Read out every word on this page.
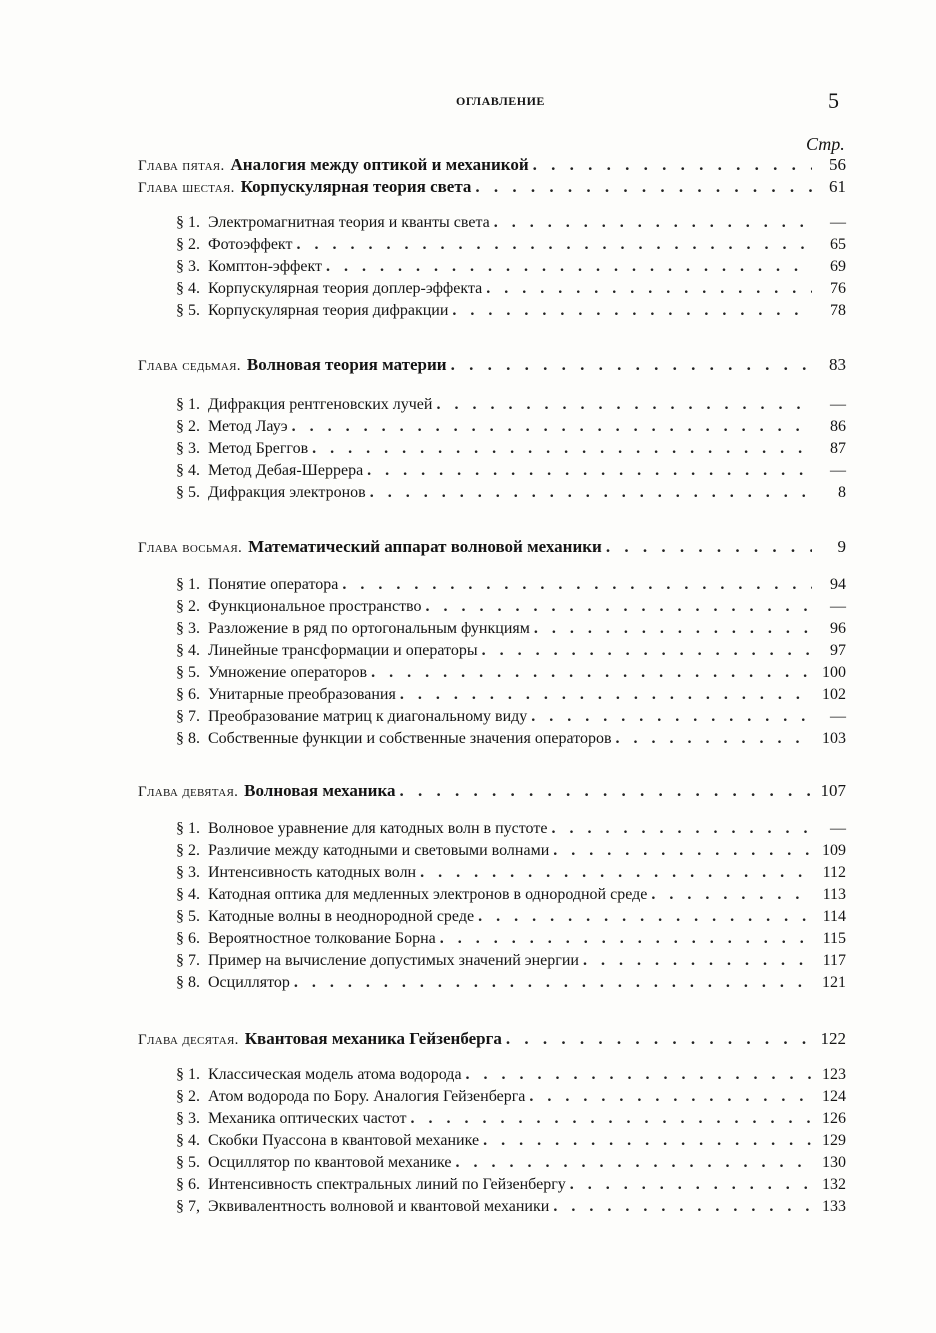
ОГЛАВЛЕНИЕ	5
Стр.
Глава пятая. Аналогия между оптикой и механикой . . .	56
Глава шестая. Корпускулярная теория света . . .	61
§ 1. Электромагнитная теория и кванты света . . .	—
§ 2. Фотоэффект . . .	65
§ 3. Комптон-эффект . . .	69
§ 4. Корпускулярная теория доплер-эффекта . . .	76
§ 5. Корпускулярная теория дифракции . . .	78
Глава седьмая. Волновая теория материи . . .	83
§ 1. Дифракция рентгеновских лучей . . .	—
§ 2. Метод Лауэ . . .	86
§ 3. Метод Бреггов . . .	87
§ 4. Метод Дебая-Шеррера . . .	—
§ 5. Дифракция электронов . . .	8
Глава восьмая. Математический аппарат волновой механики . . .	9
§ 1. Понятие оператора . . .	94
§ 2. Функциональное пространство . . .	—
§ 3. Разложение в ряд по ортогональным функциям . . .	96
§ 4. Линейные трансформации и операторы . . .	97
§ 5. Умножение операторов . . .	100
§ 6. Унитарные преобразования . . .	102
§ 7. Преобразование матриц к диагональному виду . . .	—
§ 8. Собственные функции и собственные значения операторов . . .	103
Глава девятая. Волновая механика . . .	107
§ 1. Волновое уравнение для катодных волн в пустоте . . .	—
§ 2. Различие между катодными и световыми волнами . . .	109
§ 3. Интенсивность катодных волн . . .	112
§ 4. Катодная оптика для медленных электронов в однородной среде . . .	113
§ 5. Катодные волны в неоднородной среде . . .	114
§ 6. Вероятностное толкование Борна . . .	115
§ 7. Пример на вычисление допустимых значений энергии . . .	117
§ 8. Осциллятор . . .	121
Глава десятая. Квантовая механика Гейзенберга . . .	122
§ 1. Классическая модель атома водорода . . .	123
§ 2. Атом водорода по Бору. Аналогия Гейзенберга . . .	124
§ 3. Механика оптических частот . . .	126
§ 4. Скобки Пуассона в квантовой механике . . .	129
§ 5. Осциллятор по квантовой механике . . .	130
§ 6. Интенсивность спектральных линий по Гейзенбергу . . .	132
§ 7, Эквивалентность волновой и квантовой механики . . .	133
